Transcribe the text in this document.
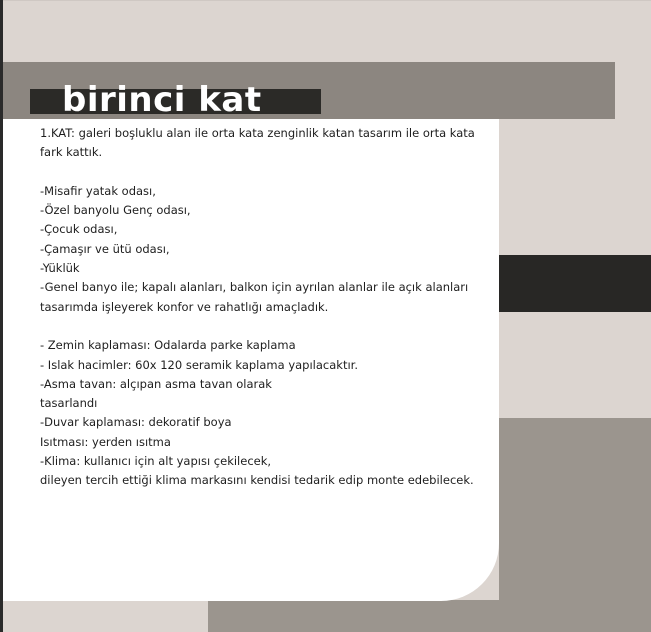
birinci kat

1.KAT: galeri boşluklu alan ile orta kata zenginlik katan tasarım ile orta kata

fark kattık.

-Misafir yatak odası,

-Özel banyolu Genç odası,

-Çocuk odası,

-Çamaşır ve ütü odası,

-Yüklük

-Genel banyo ile; kapalı alanları, balkon için ayrılan alanlar ile açık alanları

tasarımda işleyerek konfor ve rahatlığı amaçladık.

- Zemin kaplaması: Odalarda parke kaplama

- Islak hacimler: 60x 120 seramik kaplama yapılacaktır.

-Asma tavan: alçıpan asma tavan olarak

tasarlandı

-Duvar kaplaması: dekoratif boya

Isıtması: yerden ısıtma

-Klima: kullanıcı için alt yapısı çekilecek,

dileyen tercih ettiği klima markasını kendisi tedarik edip monte edebilecek.
